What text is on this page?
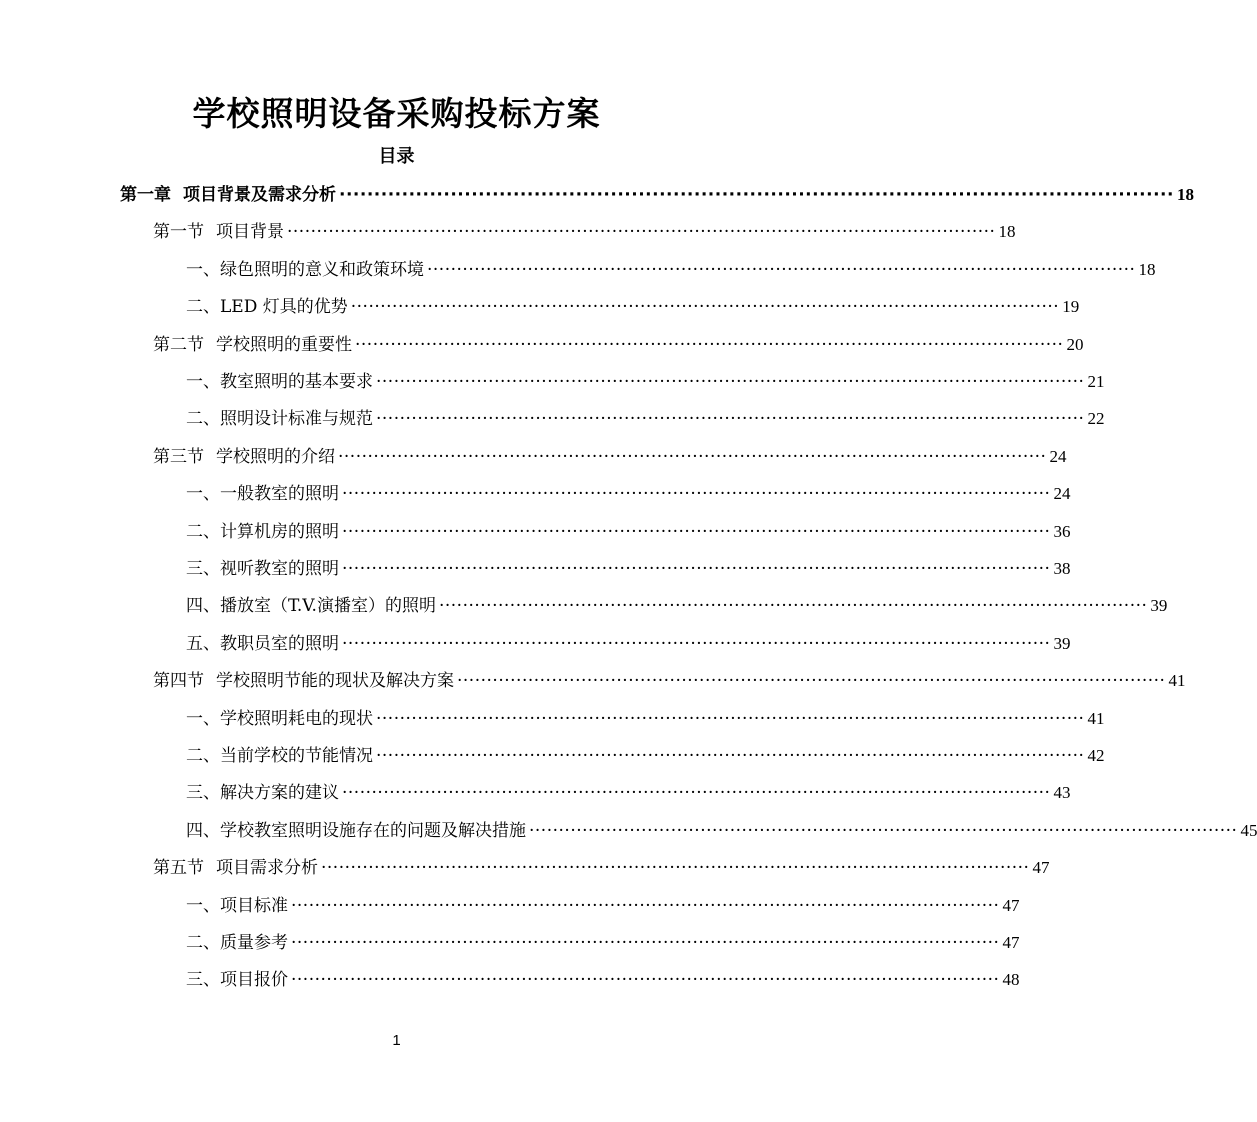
学校照明设备采购投标方案
目录
第一章 项目背景及需求分析 ························································································································ 18
第一节 项目背景 ························································································································ 18
一、绿色照明的意义和政策环境 ························································································································ 18
二、LED 灯具的优势 ························································································································ 19
第二节 学校照明的重要性 ························································································································ 20
一、教室照明的基本要求 ························································································································ 21
二、照明设计标准与规范 ························································································································ 22
第三节 学校照明的介绍 ························································································································ 24
一、一般教室的照明 ························································································································ 24
二、计算机房的照明 ························································································································ 36
三、视听教室的照明 ························································································································ 38
四、播放室（T.V.演播室）的照明 ························································································································ 39
五、教职员室的照明 ························································································································ 39
第四节 学校照明节能的现状及解决方案 ························································································································ 41
一、学校照明耗电的现状 ························································································································ 41
二、当前学校的节能情况 ························································································································ 42
三、解决方案的建议 ························································································································ 43
四、学校教室照明设施存在的问题及解决措施 ························································································································ 45
第五节 项目需求分析 ························································································································ 47
一、项目标准 ························································································································ 47
二、质量参考 ························································································································ 47
三、项目报价 ························································································································ 48
1
